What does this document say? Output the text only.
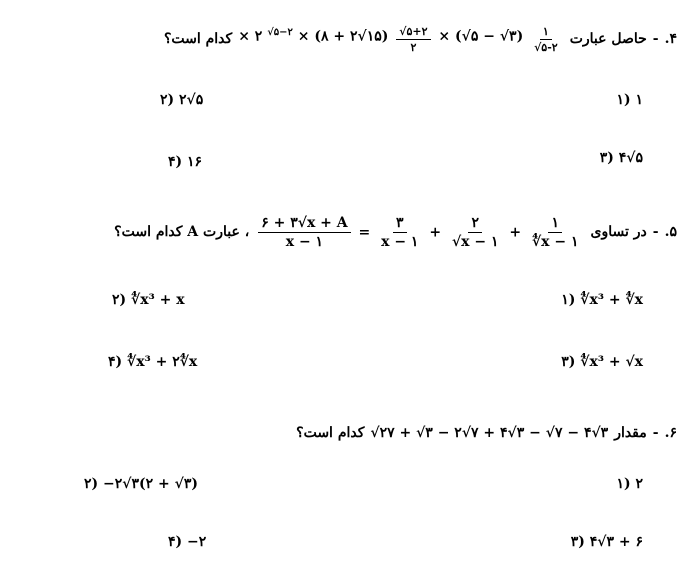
۴
.
-
حاصل عبارت
× ۲ $^{√۵-۲}$ × (۸ + ۲√۱۵) $\frac{√۵+۲}{۲}$ × (√۵ − √۳) $\frac{۱}{√۵-۲}$
کدام است؟
۱) ۱
۲) ۲√۵
۳) ۴√۵
۴) ۱۶
۵
.
-
در تساوی
$\frac{۶ + ۳√x + A}{x - ۱} = \frac{۳}{x - ۱} + \frac{۲}{√x - ۱} + \frac{۱}{∜x - ۱}$
، عبارت A کدام است؟
۱) ∜x³ + ∜x
۲) ∜x³ + x
۳) ∜x³ + √x
۴) ∜x³ + ۲∜x
۶
.
-
مقدار
√۲۷ + √۳ − ۲√۷ + ۴√۳ − √۷ − ۴√۳
کدام است؟
۱) ۲
۲) −۲√۳(۲ + √۳)
۳) ۴√۳ + ۶
۴) −۲
